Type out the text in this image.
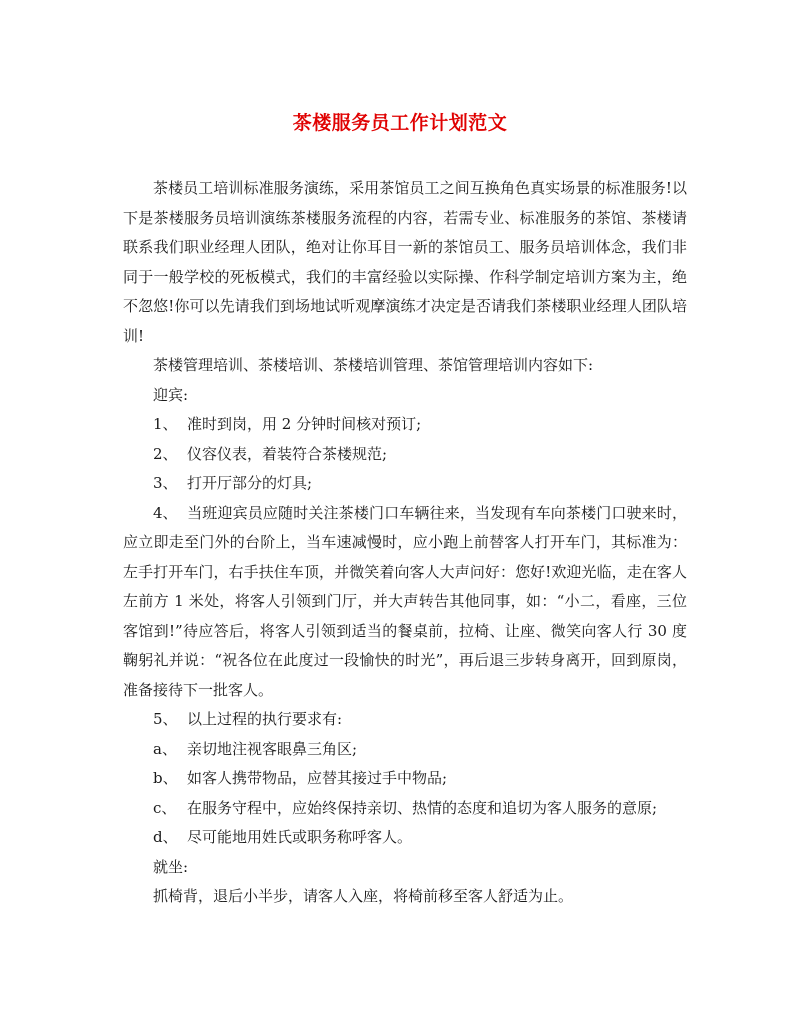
茶楼服务员工作计划范文

茶楼员工培训标准服务演练，采用茶馆员工之间互换角色真实场景的标准服务!以下是茶楼服务员培训演练茶楼服务流程的内容，若需专业、标准服务的茶馆、茶楼请联系我们职业经理人团队，绝对让你耳目一新的茶馆员工、服务员培训体念，我们非同于一般学校的死板模式，我们的丰富经验以实际操、作科学制定培训方案为主，绝不忽悠!你可以先请我们到场地试听观摩演练才决定是否请我们茶楼职业经理人团队培训!

茶楼管理培训、茶楼培训、茶楼培训管理、茶馆管理培训内容如下:

迎宾:

1、 准时到岗，用 2 分钟时间核对预订;

2、 仪容仪表，着装符合茶楼规范;

3、 打开厅部分的灯具;

4、 当班迎宾员应随时关注茶楼门口车辆往来，当发现有车向茶楼门口驶来时，应立即走至门外的台阶上，当车速减慢时，应小跑上前替客人打开车门，其标准为：左手打开车门，右手扶住车顶，并微笑着向客人大声问好：您好!欢迎光临，走在客人左前方 1 米处，将客人引领到门厅，并大声转告其他同事，如：“小二，看座，三位客馆到!”待应答后，将客人引领到适当的餐桌前，拉椅、让座、微笑向客人行 30 度鞠躬礼并说：“祝各位在此度过一段愉快的时光”，再后退三步转身离开，回到原岗，准备接待下一批客人。

5、 以上过程的执行要求有:

a、 亲切地注视客眼鼻三角区;

b、 如客人携带物品，应替其接过手中物品;

c、 在服务守程中，应始终保持亲切、热情的态度和追切为客人服务的意原;

d、 尽可能地用姓氏或职务称呼客人。

就坐:

抓椅背，退后小半步，请客人入座，将椅前移至客人舒适为止。
